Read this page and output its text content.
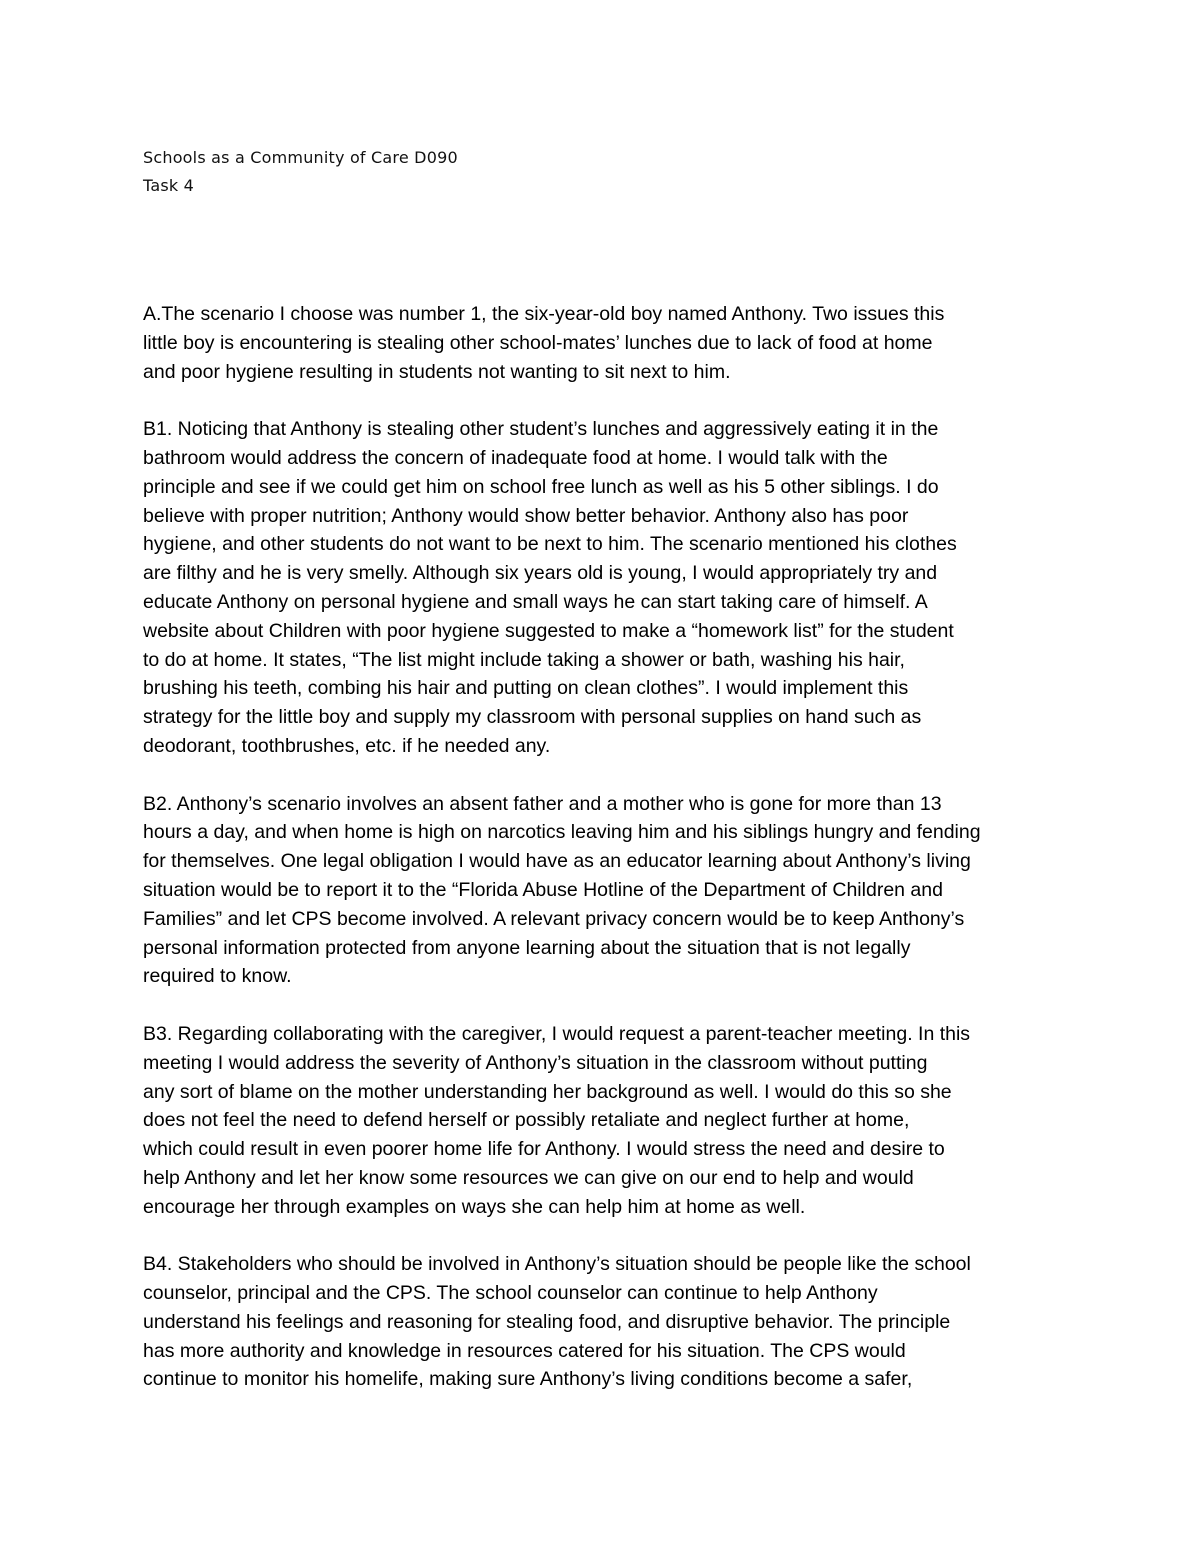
Schools as a Community of Care D090
Task 4
A.The scenario I choose was number 1, the six-year-old boy named Anthony. Two issues this
little boy is encountering is stealing other school-mates’ lunches due to lack of food at home
and poor hygiene resulting in students not wanting to sit next to him.
B1. Noticing that Anthony is stealing other student’s lunches and aggressively eating it in the
bathroom would address the concern of inadequate food at home. I would talk with the
principle and see if we could get him on school free lunch as well as his 5 other siblings. I do
believe with proper nutrition; Anthony would show better behavior. Anthony also has poor
hygiene, and other students do not want to be next to him. The scenario mentioned his clothes
are filthy and he is very smelly. Although six years old is young, I would appropriately try and
educate Anthony on personal hygiene and small ways he can start taking care of himself. A
website about Children with poor hygiene suggested to make a “homework list” for the student
to do at home. It states, “The list might include taking a shower or bath, washing his hair,
brushing his teeth, combing his hair and putting on clean clothes”. I would implement this
strategy for the little boy and supply my classroom with personal supplies on hand such as
deodorant, toothbrushes, etc. if he needed any.
B2. Anthony’s scenario involves an absent father and a mother who is gone for more than 13
hours a day, and when home is high on narcotics leaving him and his siblings hungry and fending
for themselves. One legal obligation I would have as an educator learning about Anthony’s living
situation would be to report it to the “Florida Abuse Hotline of the Department of Children and
Families” and let CPS become involved. A relevant privacy concern would be to keep Anthony’s
personal information protected from anyone learning about the situation that is not legally
required to know.
B3. Regarding collaborating with the caregiver, I would request a parent-teacher meeting. In this
meeting I would address the severity of Anthony’s situation in the classroom without putting
any sort of blame on the mother understanding her background as well. I would do this so she
does not feel the need to defend herself or possibly retaliate and neglect further at home,
which could result in even poorer home life for Anthony. I would stress the need and desire to
help Anthony and let her know some resources we can give on our end to help and would
encourage her through examples on ways she can help him at home as well.
B4. Stakeholders who should be involved in Anthony’s situation should be people like the school
counselor, principal and the CPS. The school counselor can continue to help Anthony
understand his feelings and reasoning for stealing food, and disruptive behavior. The principle
has more authority and knowledge in resources catered for his situation. The CPS would
continue to monitor his homelife, making sure Anthony’s living conditions become a safer,
